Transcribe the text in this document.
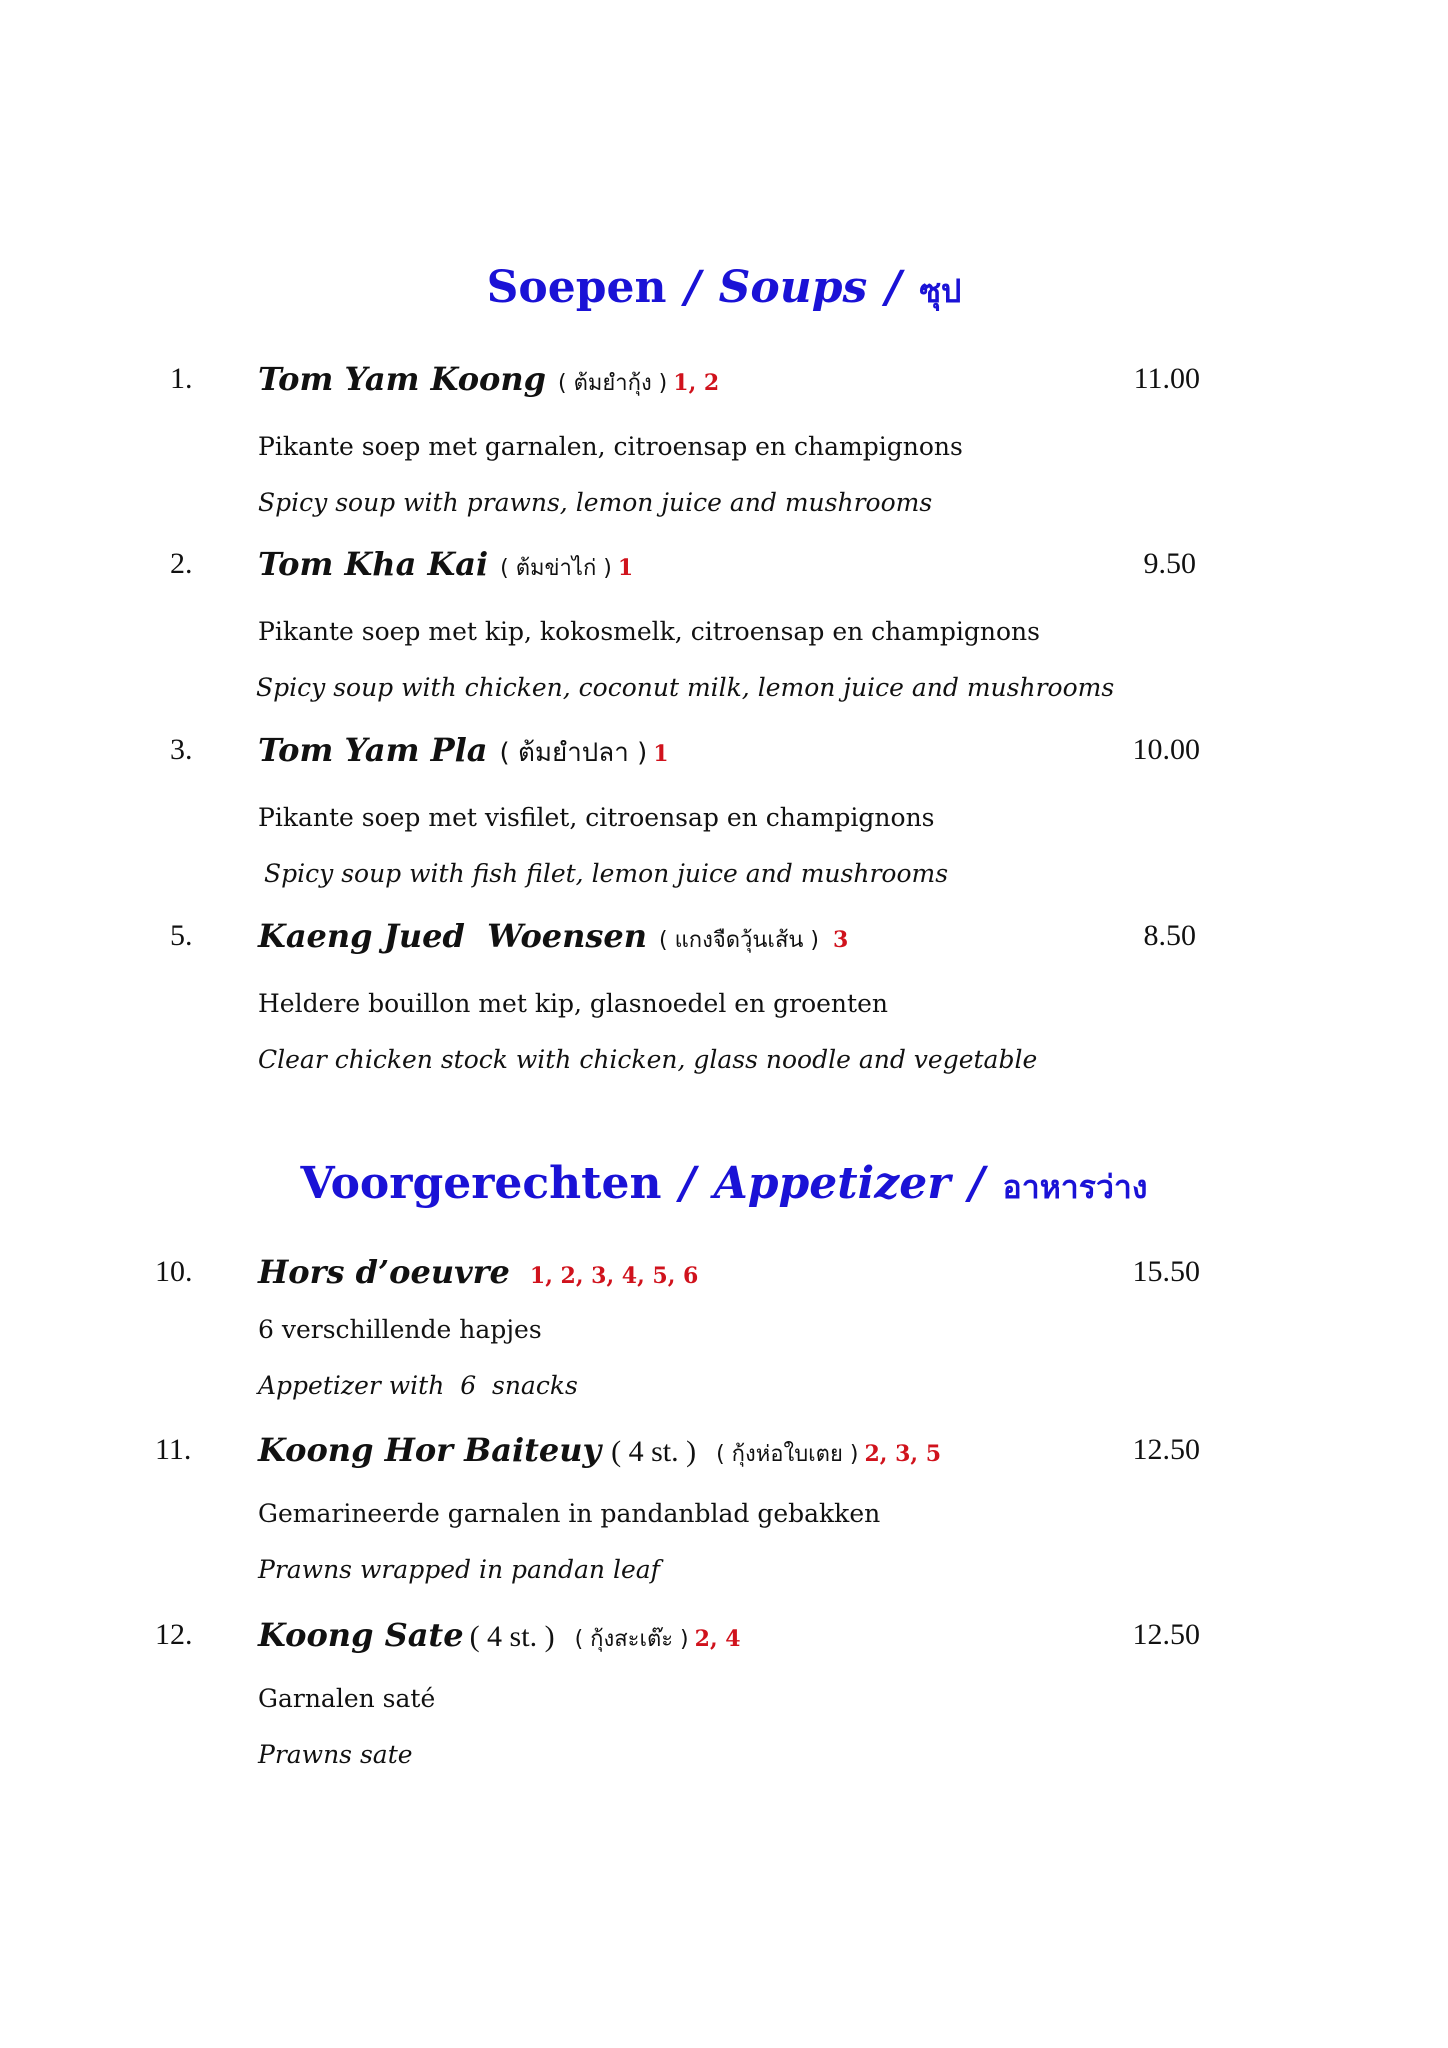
Soepen / Soups / ซุป
1.	Tom Yam Koong ( ต้มยำกุ้ง ) 1, 2	11.00
Pikante soep met garnalen, citroensap en champignons
Spicy soup with prawns, lemon juice and mushrooms
2.	Tom Kha Kai ( ต้มข่าไก่ ) 1	9.50
Pikante soep met kip, kokosmelk, citroensap en champignons
Spicy soup with chicken, coconut milk, lemon juice and mushrooms
3.	Tom Yam Pla ( ต้มยำปลา ) 1	10.00
Pikante soep met visfilet, citroensap en champignons
Spicy soup with fish filet, lemon juice and mushrooms
5.	Kaeng Jued  Woensen ( แกงจืดวุ้นเส้น ) 3	8.50
Heldere bouillon met kip, glasnoedel en groenten
Clear chicken stock with chicken, glass noodle and vegetable
Voorgerechten / Appetizer / อาหารว่าง
10.	Hors d’oeuvre 1, 2, 3, 4, 5, 6	15.50
6 verschillende hapjes
Appetizer with  6  snacks
11.	Koong Hor Baiteuy ( 4 st. ) ( กุ้งห่อใบเตย ) 2, 3, 5	12.50
Gemarineerde garnalen in pandanblad gebakken
Prawns wrapped in pandan leaf
12.	Koong Sate ( 4 st. ) ( กุ้งสะเต๊ะ ) 2, 4	12.50
Garnalen saté
Prawns sate
